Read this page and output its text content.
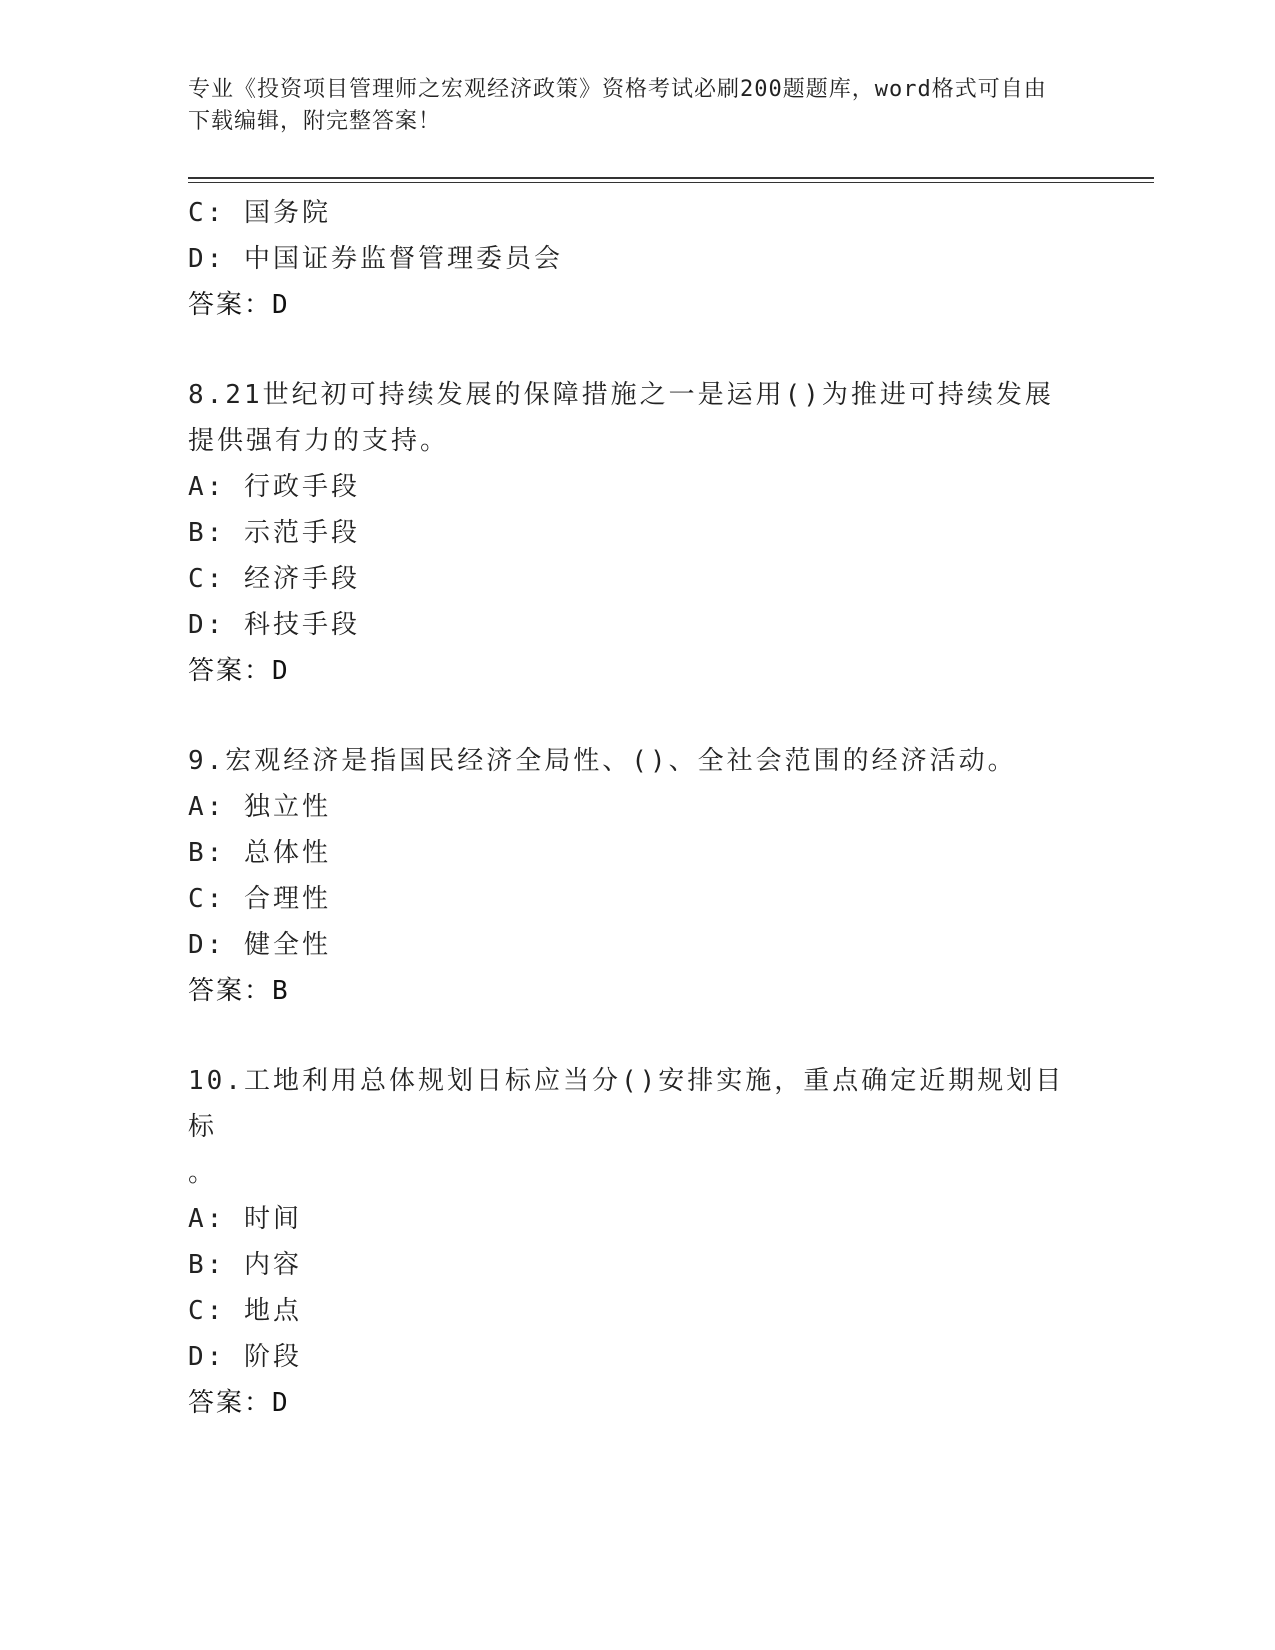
专业《投资项目管理师之宏观经济政策》资格考试必刷200题题库，word格式可自由下载编辑，附完整答案！
C: 国务院
D: 中国证券监督管理委员会
答案：D
8.21世纪初可持续发展的保障措施之一是运用()为推进可持续发展提供强有力的支持。
A: 行政手段
B: 示范手段
C: 经济手段
D: 科技手段
答案：D
9.宏观经济是指国民经济全局性、()、全社会范围的经济活动。
A: 独立性
B: 总体性
C: 合理性
D: 健全性
答案：B
10.工地利用总体规划日标应当分()安排实施，重点确定近期规划目标
。
A: 时间
B: 内容
C: 地点
D: 阶段
答案：D
